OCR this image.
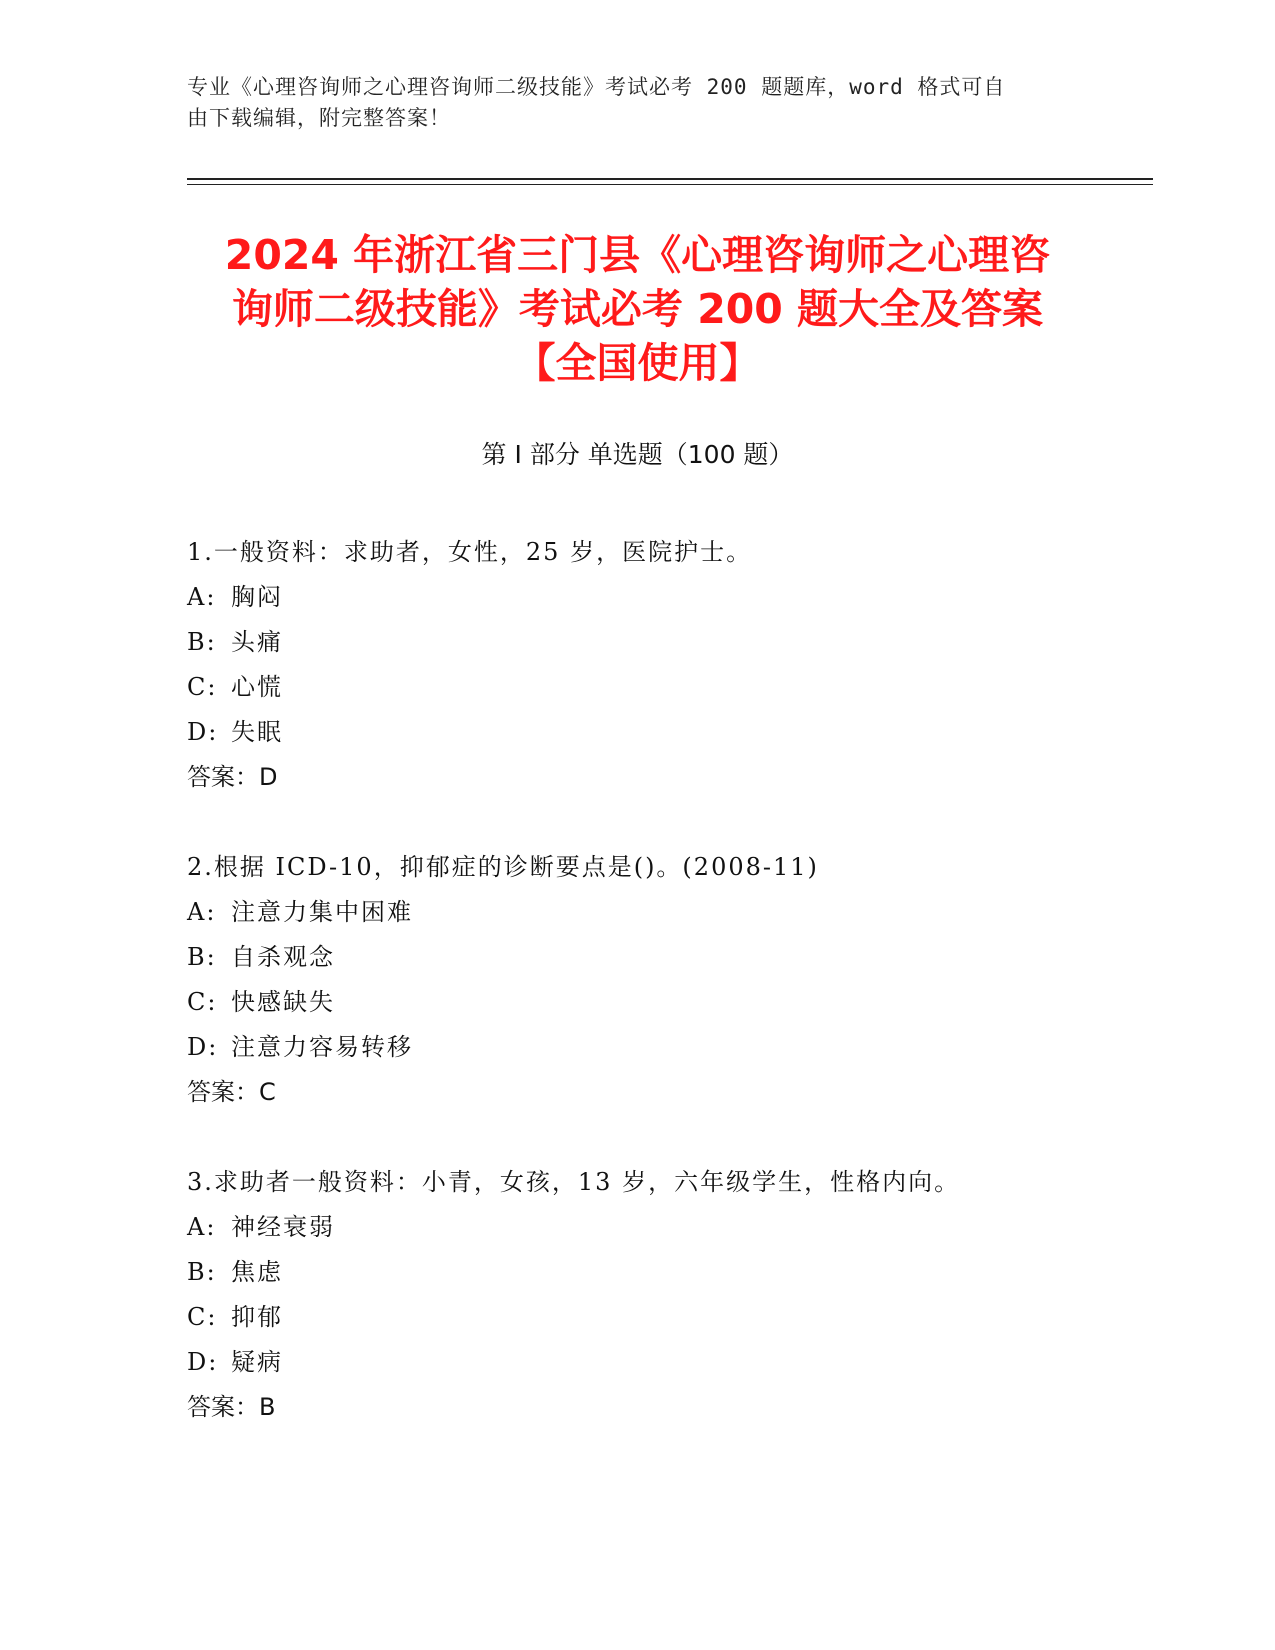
专业《心理咨询师之心理咨询师二级技能》考试必考 200 题题库，word 格式可自
由下载编辑，附完整答案！
2024 年浙江省三门县《心理咨询师之心理咨
询师二级技能》考试必考 200 题大全及答案
【全国使用】
第 I 部分 单选题（100 题）
1.一般资料：求助者，女性，25 岁，医院护士。
A: 胸闷
B: 头痛
C: 心慌
D: 失眠
答案：D
2.根据 ICD-10，抑郁症的诊断要点是()。(2008-11)
A: 注意力集中困难
B: 自杀观念
C: 快感缺失
D: 注意力容易转移
答案：C
3.求助者一般资料：小青，女孩，13 岁，六年级学生，性格内向。
A: 神经衰弱
B: 焦虑
C: 抑郁
D: 疑病
答案：B
